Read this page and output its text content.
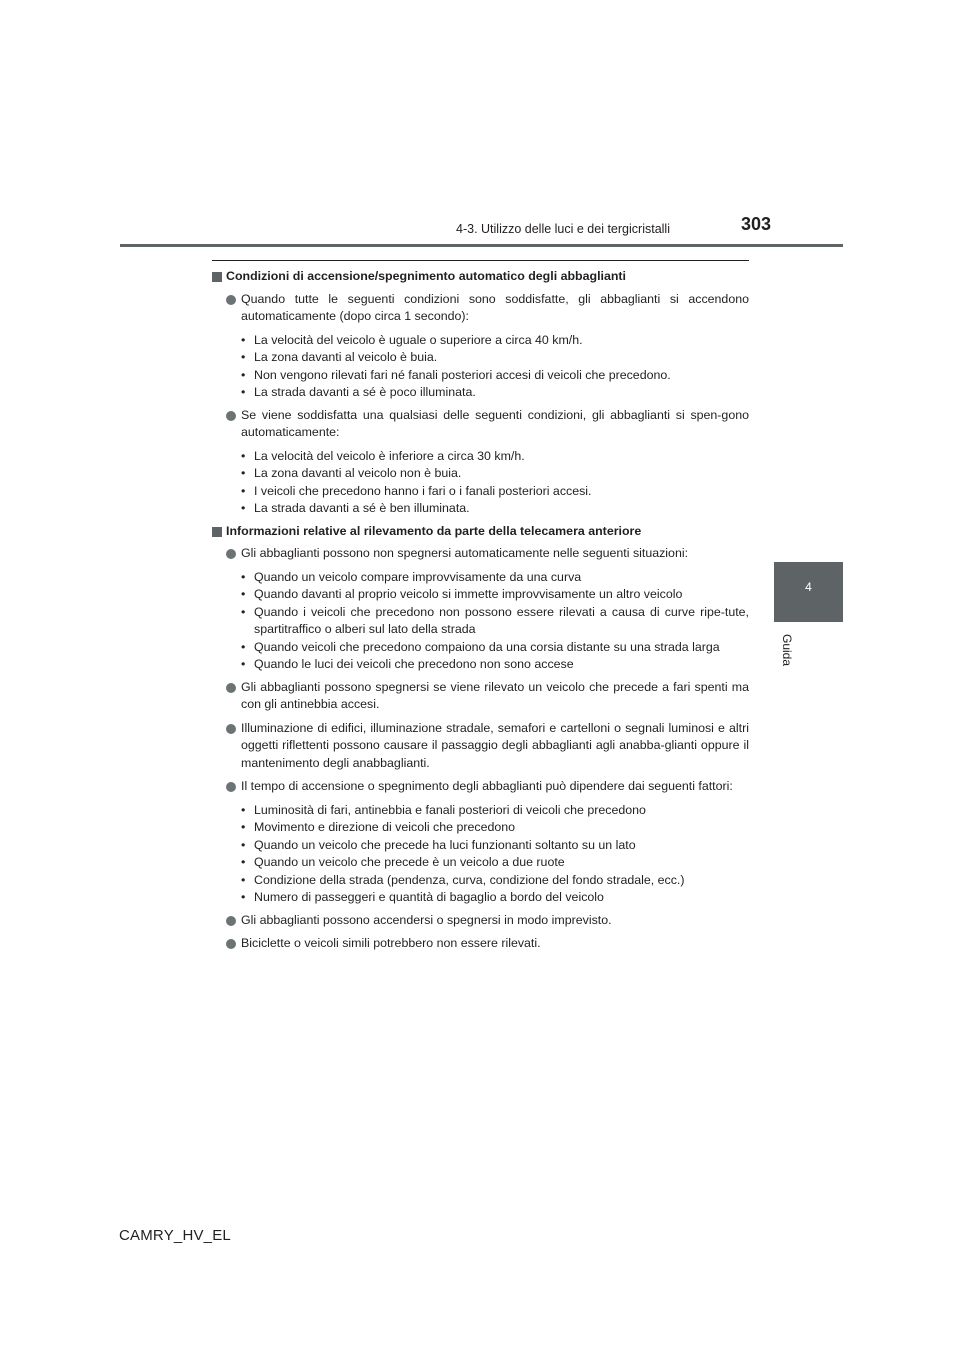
4-3. Utilizzo delle luci e dei tergicristalli	303
4
Guida
Condizioni di accensione/spegnimento automatico degli abbaglianti
Quando tutte le seguenti condizioni sono soddisfatte, gli abbaglianti si accendono automaticamente (dopo circa 1 secondo):
• La velocità del veicolo è uguale o superiore a circa 40 km/h.
• La zona davanti al veicolo è buia.
• Non vengono rilevati fari né fanali posteriori accesi di veicoli che precedono.
• La strada davanti a sé è poco illuminata.
Se viene soddisfatta una qualsiasi delle seguenti condizioni, gli abbaglianti si spen-gono automaticamente:
• La velocità del veicolo è inferiore a circa 30 km/h.
• La zona davanti al veicolo non è buia.
• I veicoli che precedono hanno i fari o i fanali posteriori accesi.
• La strada davanti a sé è ben illuminata.
Informazioni relative al rilevamento da parte della telecamera anteriore
Gli abbaglianti possono non spegnersi automaticamente nelle seguenti situazioni:
• Quando un veicolo compare improvvisamente da una curva
• Quando davanti al proprio veicolo si immette improvvisamente un altro veicolo
• Quando i veicoli che precedono non possono essere rilevati a causa di curve ripe-tute, spartitraffico o alberi sul lato della strada
• Quando veicoli che precedono compaiono da una corsia distante su una strada larga
• Quando le luci dei veicoli che precedono non sono accese
Gli abbaglianti possono spegnersi se viene rilevato un veicolo che precede a fari spenti ma con gli antinebbia accesi.
Illuminazione di edifici, illuminazione stradale, semafori e cartelloni o segnali luminosi e altri oggetti riflettenti possono causare il passaggio degli abbaglianti agli anabba-glianti oppure il mantenimento degli anabbaglianti.
Il tempo di accensione o spegnimento degli abbaglianti può dipendere dai seguenti fattori:
• Luminosità di fari, antinebbia e fanali posteriori di veicoli che precedono
• Movimento e direzione di veicoli che precedono
• Quando un veicolo che precede ha luci funzionanti soltanto su un lato
• Quando un veicolo che precede è un veicolo a due ruote
• Condizione della strada (pendenza, curva, condizione del fondo stradale, ecc.)
• Numero di passeggeri e quantità di bagaglio a bordo del veicolo
Gli abbaglianti possono accendersi o spegnersi in modo imprevisto.
Biciclette o veicoli simili potrebbero non essere rilevati.
CAMRY_HV_EL
